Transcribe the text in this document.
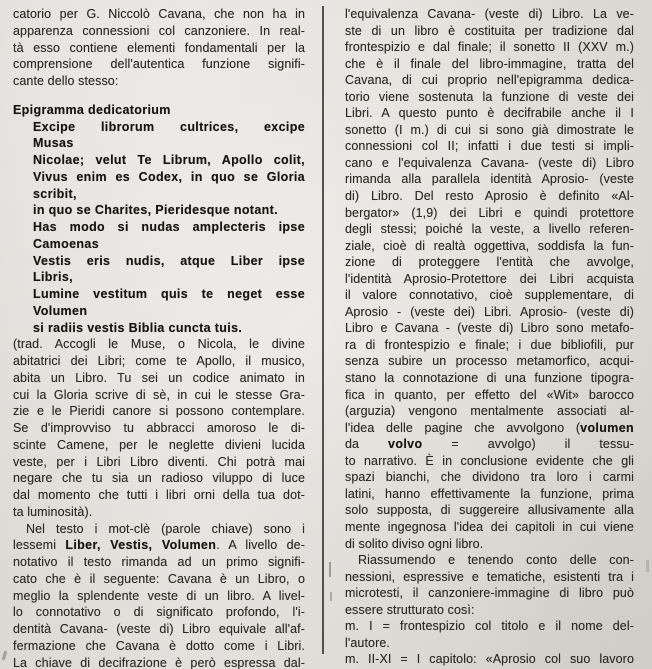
catorio per G. Niccolò Cavana, che non ha in
apparenza connessioni col canzoniere. In real-
tà esso contiene elementi fondamentali per la
comprensione dell'autentica funzione signifi-
cante dello stesso:
Epigramma dedicatorium
Excipe librorum cultrices, excipe
Musas
Nicolae; velut Te Librum, Apollo colit,
Vivus enim es Codex, in quo se Gloria
scribit,
in quo se Charites, Pieridesque notant.
Has modo si nudas amplecteris ipse
Camoenas
Vestis eris nudis, atque Liber ipse
Libris,
Lumine vestitum quis te neget esse
Volumen
si radiis vestis Biblia cuncta tuis.
(trad. Accogli le Muse, o Nicola, le divine
abitatrici dei Libri; come te Apollo, il musico,
abita un Libro. Tu sei un codice animato in
cui la Gloria scrive di sè, in cui le stesse Gra-
zie e le Pieridi canore si possono contemplare.
Se d'improvviso tu abbracci amoroso le di-
scinte Camene, per le neglette divieni lucida
veste, per i Libri Libro diventi. Chi potrà mai
negare che tu sia un radioso viluppo di luce
dal momento che tutti i libri orni della tua dot-
ta luminosità).
Nel testo i mot-clè (parole chiave) sono i
lessemi Liber, Vestis, Volumen. A livello de-
notativo il testo rimanda ad un primo signifi-
cato che è il seguente: Cavana è un Libro, o
meglio la splendente veste di un libro. A livel-
lo connotativo o di significato profondo, l'i-
dentità Cavana- (veste di) Libro equivale all'af-
fermazione che Cavana è dotto come i Libri.
La chiave di decifrazione è però espressa dal-
l'equivalenza Cavana- (veste di) Libro. La ve-
ste di un libro è costituita per tradizione dal
frontespizio e dal finale; il sonetto II (XXV m.)
che è il finale del libro-immagine, tratta del
Cavana, di cui proprio nell'epigramma dedica-
torio viene sostenuta la funzione di veste dei
Libri. A questo punto è decifrabile anche il I
sonetto (I m.) di cui si sono già dimostrate le
connessioni col II; infatti i due testi si impli-
cano e l'equivalenza Cavana- (veste di) Libro
rimanda alla parallela identità Aprosio- (veste
di) Libro. Del resto Aprosio è definito «Al-
bergator» (1,9) dei Libri e quindi protettore
degli stessi; poiché la veste, a livello referen-
ziale, cioè di realtà oggettiva, soddisfa la fun-
zione di proteggere l'entità che avvolge,
l'identità Aprosio-Protettore dei Libri acquista
il valore connotativo, cioè supplementare, di
Aprosio - (veste dei) Libri. Aprosio- (veste di)
Libro e Cavana - (veste di) Libro sono metafo-
ra di frontespizio e finale; i due bibliofili, pur
senza subire un processo metamorfico, acqui-
stano la connotazione di una funzione tipogra-
fica in quanto, per effetto del «Wit» barocco
(arguzia) vengono mentalmente associati al-
l'idea delle pagine che avvolgono (volumen
da volvo = avvolgo) il tessu-
to narrativo. È in conclusione evidente che gli
spazi bianchi, che dividono tra loro i carmi
latini, hanno effettivamente la funzione, prima
solo supposta, di suggereire allusivamente alla
mente ingegnosa l'idea dei capitoli in cui viene
di solito diviso ogni libro.
Riassumendo e tenendo conto delle con-
nessioni, espressive e tematiche, esistenti tra i
microtesti, il canzoniere-immagine di libro può
essere strutturato così:
m. I = frontespizio col titolo e il nome del-
l'autore.
m. II-XI = I capitolo: «Aprosio col suo lavoro
